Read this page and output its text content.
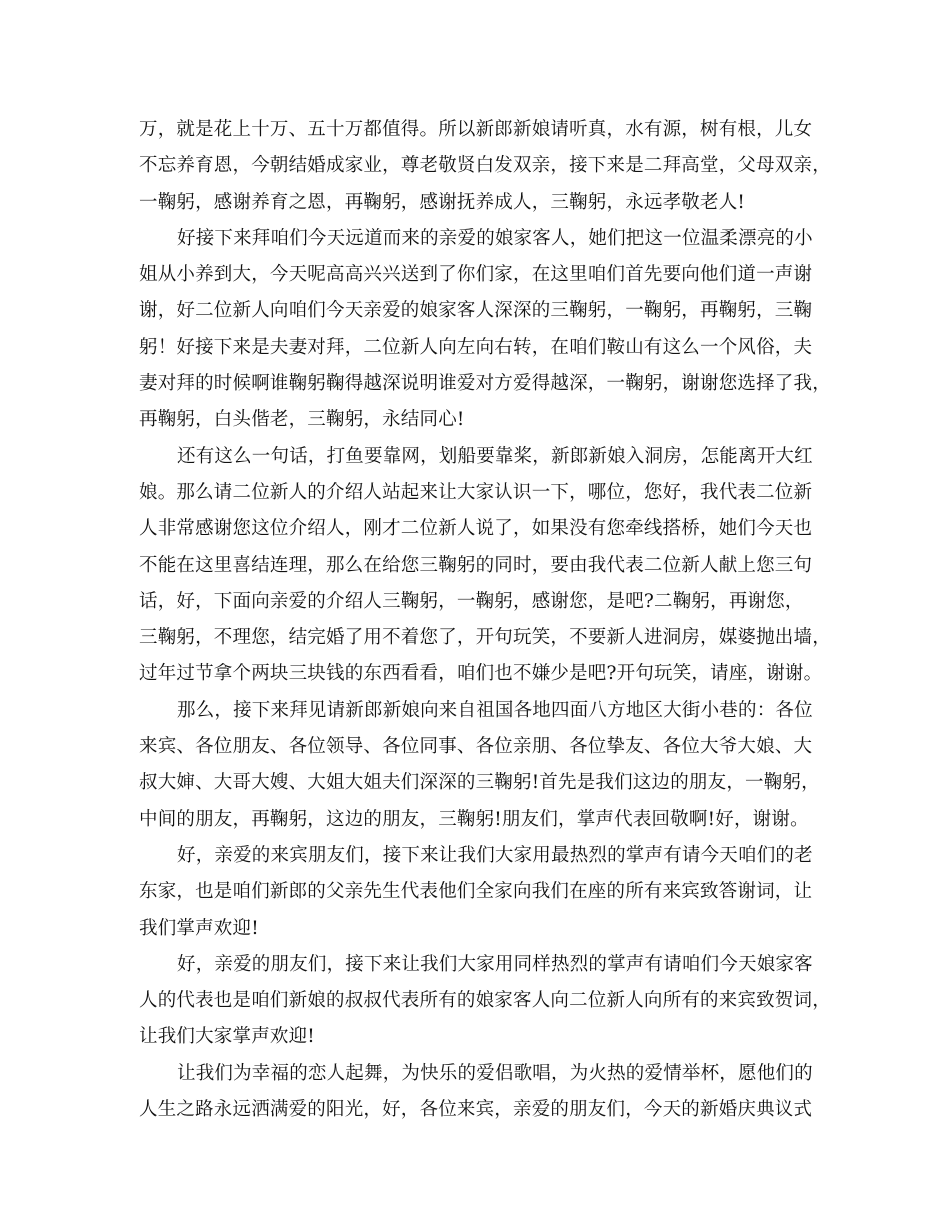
万，就是花上十万、五十万都值得。所以新郎新娘请听真，水有源，树有根，儿女
不忘养育恩，今朝结婚成家业，尊老敬贤白发双亲，接下来是二拜高堂，父母双亲，
一鞠躬，感谢养育之恩，再鞠躬，感谢抚养成人，三鞠躬，永远孝敬老人!

好接下来拜咱们今天远道而来的亲爱的娘家客人，她们把这一位温柔漂亮的小
姐从小养到大，今天呢高高兴兴送到了你们家，在这里咱们首先要向他们道一声谢
谢，好二位新人向咱们今天亲爱的娘家客人深深的三鞠躬，一鞠躬，再鞠躬，三鞠
躬！好接下来是夫妻对拜，二位新人向左向右转，在咱们鞍山有这么一个风俗，夫
妻对拜的时候啊谁鞠躬鞠得越深说明谁爱对方爱得越深，一鞠躬，谢谢您选择了我，
再鞠躬，白头偕老，三鞠躬，永结同心!

还有这么一句话，打鱼要靠网，划船要靠桨，新郎新娘入洞房，怎能离开大红
娘。那么请二位新人的介绍人站起来让大家认识一下，哪位，您好，我代表二位新
人非常感谢您这位介绍人，刚才二位新人说了，如果没有您牵线搭桥，她们今天也
不能在这里喜结连理，那么在给您三鞠躬的同时，要由我代表二位新人献上您三句
话，好，下面向亲爱的介绍人三鞠躬，一鞠躬，感谢您，是吧?二鞠躬，再谢您，
三鞠躬，不理您，结完婚了用不着您了，开句玩笑，不要新人进洞房，媒婆抛出墙，
过年过节拿个两块三块钱的东西看看，咱们也不嫌少是吧?开句玩笑，请座，谢谢。

那么，接下来拜见请新郎新娘向来自祖国各地四面八方地区大街小巷的：各位
来宾、各位朋友、各位领导、各位同事、各位亲朋、各位挚友、各位大爷大娘、大
叔大婶、大哥大嫂、大姐大姐夫们深深的三鞠躬!首先是我们这边的朋友，一鞠躬，
中间的朋友，再鞠躬，这边的朋友，三鞠躬!朋友们，掌声代表回敬啊!好，谢谢。

好，亲爱的来宾朋友们，接下来让我们大家用最热烈的掌声有请今天咱们的老
东家，也是咱们新郎的父亲先生代表他们全家向我们在座的所有来宾致答谢词，让
我们掌声欢迎!

好，亲爱的朋友们，接下来让我们大家用同样热烈的掌声有请咱们今天娘家客
人的代表也是咱们新娘的叔叔代表所有的娘家客人向二位新人向所有的来宾致贺词，
让我们大家掌声欢迎!

让我们为幸福的恋人起舞，为快乐的爱侣歌唱，为火热的爱情举杯，愿他们的
人生之路永远洒满爱的阳光，好，各位来宾，亲爱的朋友们，今天的新婚庆典议式
